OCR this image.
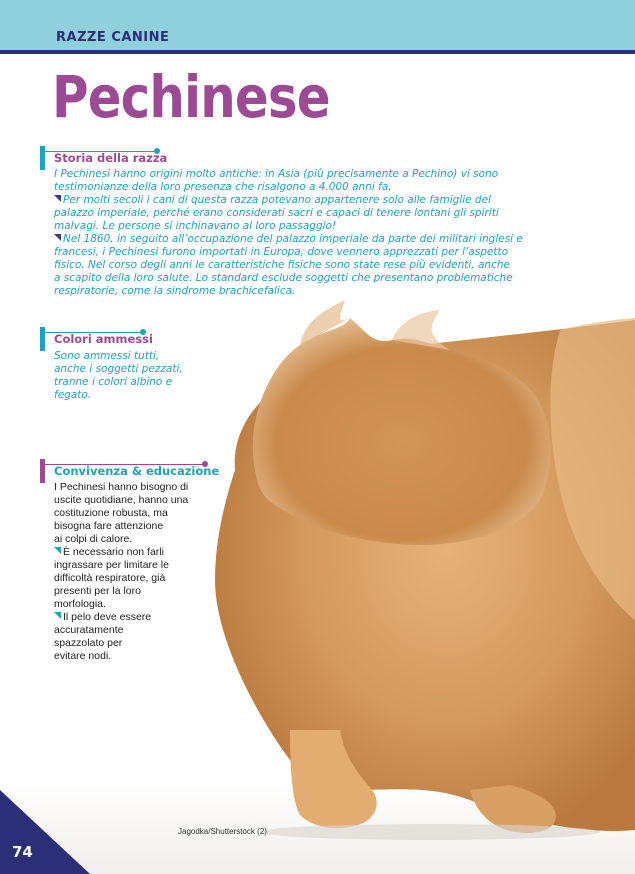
RAZZE CANINE
Pechinese
Storia della razza
I Pechinesi hanno origini molto antiche: in Asia (più precisamente a Pechino) vi sono
testimonianze della loro presenza che risalgono a 4.000 anni fa.
Per molti secoli i cani di questa razza potevano appartenere solo alle famiglie del
palazzo imperiale, perché erano considerati sacri e capaci di tenere lontani gli spiriti
malvagi. Le persone si inchinavano al loro passaggio!
Nel 1860, in seguito all’occupazione del palazzo imperiale da parte dei militari inglesi e
francesi, i Pechinesi furono importati in Europa, dove vennero apprezzati per l’aspetto
fisico. Nel corso degli anni le caratteristiche fisiche sono state rese più evidenti, anche
a scapito della loro salute. Lo standard esclude soggetti che presentano problematiche
respiratorie, come la sindrome brachicefalica.
Colori ammessi
Sono ammessi tutti,
anche i soggetti pezzati,
tranne i colori albino e
fegato.
Convivenza & educazione
I Pechinesi hanno bisogno di
uscite quotidiane, hanno una
costituzione robusta, ma
bisogna fare attenzione
ai colpi di calore.
È necessario non farli
ingrassare per limitare le
difficoltà respiratore, già
presenti per la loro
morfologia.
Il pelo deve essere
accuratamente
spazzolato per
evitare nodi.
Jagodka/Shutterstock (2)
74
